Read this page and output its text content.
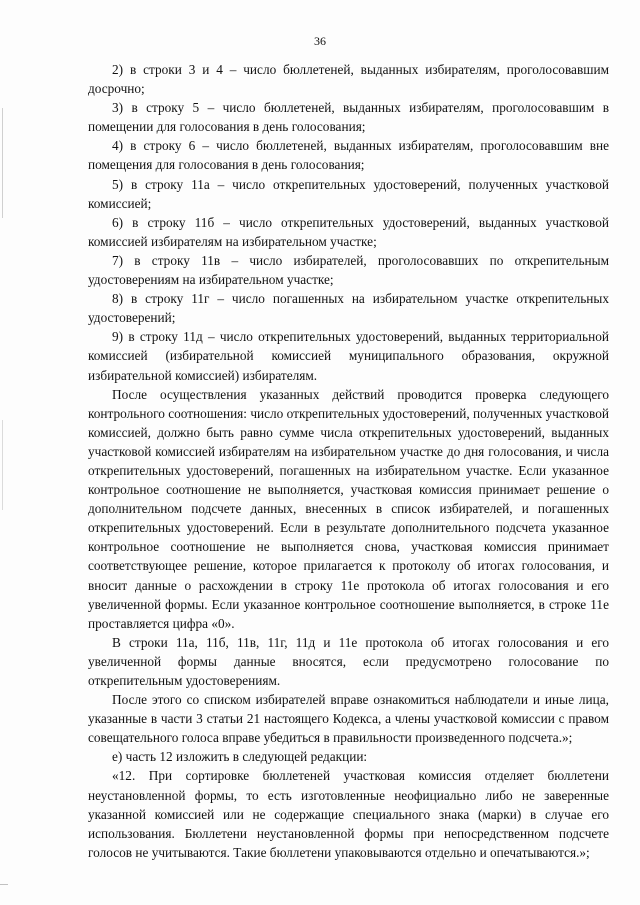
36

2) в строки 3 и 4 – число бюллетеней, выданных избирателям, проголосовавшим досрочно;

3) в строку 5 – число бюллетеней, выданных избирателям, проголосовавшим в помещении для голосования в день голосования;

4) в строку 6 – число бюллетеней, выданных избирателям, проголосовавшим вне помещения для голосования в день голосования;

5) в строку 11а – число открепительных удостоверений, полученных участковой комиссией;

6) в строку 11б – число открепительных удостоверений, выданных участковой комиссией избирателям на избирательном участке;

7) в строку 11в – число избирателей, проголосовавших по открепительным удостоверениям на избирательном участке;

8) в строку 11г – число погашенных на избирательном участке открепительных удостоверений;

9) в строку 11д – число открепительных удостоверений, выданных территориальной комиссией (избирательной комиссией муниципального образования, окружной избирательной комиссией) избирателям.

После осуществления указанных действий проводится проверка следующего контрольного соотношения: число открепительных удостоверений, полученных участковой комиссией, должно быть равно сумме числа открепительных удостоверений, выданных участковой комиссией избирателям на избирательном участке до дня голосования, и числа открепительных удостоверений, погашенных на избирательном участке. Если указанное контрольное соотношение не выполняется, участковая комиссия принимает решение о дополнительном подсчете данных, внесенных в список избирателей, и погашенных открепительных удостоверений. Если в результате дополнительного подсчета указанное контрольное соотношение не выполняется снова, участковая комиссия принимает соответствующее решение, которое прилагается к протоколу об итогах голосования, и вносит данные о расхождении в строку 11е протокола об итогах голосования и его увеличенной формы. Если указанное контрольное соотношение выполняется, в строке 11е проставляется цифра «0».

В строки 11а, 11б, 11в, 11г, 11д и 11е протокола об итогах голосования и его увеличенной формы данные вносятся, если предусмотрено голосование по открепительным удостоверениям.

После этого со списком избирателей вправе ознакомиться наблюдатели и иные лица, указанные в части 3 статьи 21 настоящего Кодекса, а члены участковой комиссии с правом совещательного голоса вправе убедиться в правильности произведенного подсчета.»;

е) часть 12 изложить в следующей редакции:

«12. При сортировке бюллетеней участковая комиссия отделяет бюллетени неустановленной формы, то есть изготовленные неофициально либо не заверенные указанной комиссией или не содержащие специального знака (марки) в случае его использования. Бюллетени неустановленной формы при непосредственном подсчете голосов не учитываются. Такие бюллетени упаковываются отдельно и опечатываются.»;
